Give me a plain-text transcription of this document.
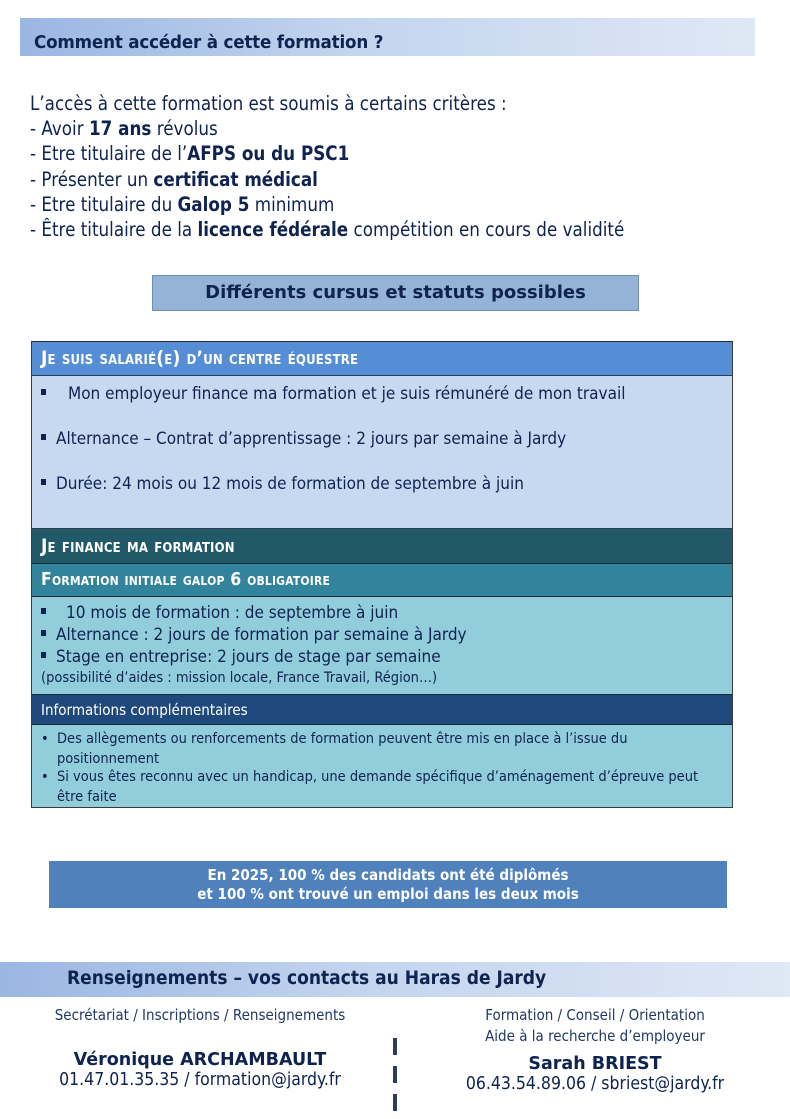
Comment accéder à cette formation ?
L’accès à cette formation est soumis à certains critères :
- Avoir 17 ans révolus
- Etre titulaire de l’AFPS ou du PSC1
- Présenter un certificat médical
- Etre titulaire du Galop 5 minimum
- Être titulaire de la licence fédérale compétition en cours de validité
Différents cursus et statuts possibles
Je suis salarié(e) d’un centre équestre
Mon employeur finance ma formation et je suis rémunéré de mon travail
Alternance – Contrat d’apprentissage : 2 jours par semaine à Jardy
Durée: 24 mois ou 12 mois de formation de septembre à juin
Je finance ma formation
Formation initiale galop 6 obligatoire
10 mois de formation : de septembre à juin
Alternance : 2 jours de formation par semaine à Jardy
Stage en entreprise: 2 jours de stage par semaine
(possibilité d’aides : mission locale, France Travail, Région…)
Informations complémentaires
• Des allègements ou renforcements de formation peuvent être mis en place à l’issue du positionnement
• Si vous êtes reconnu avec un handicap, une demande spécifique d’aménagement d’épreuve peut être faite
En 2025, 100 % des candidats ont été diplômés
et 100 % ont trouvé un emploi dans les deux mois
Renseignements – vos contacts au Haras de Jardy
Secrétariat / Inscriptions / Renseignements
Véronique ARCHAMBAULT
01.47.01.35.35 / formation@jardy.fr
Formation / Conseil / Orientation
Aide à la recherche d’employeur
Sarah BRIEST
06.43.54.89.06 / sbriest@jardy.fr
